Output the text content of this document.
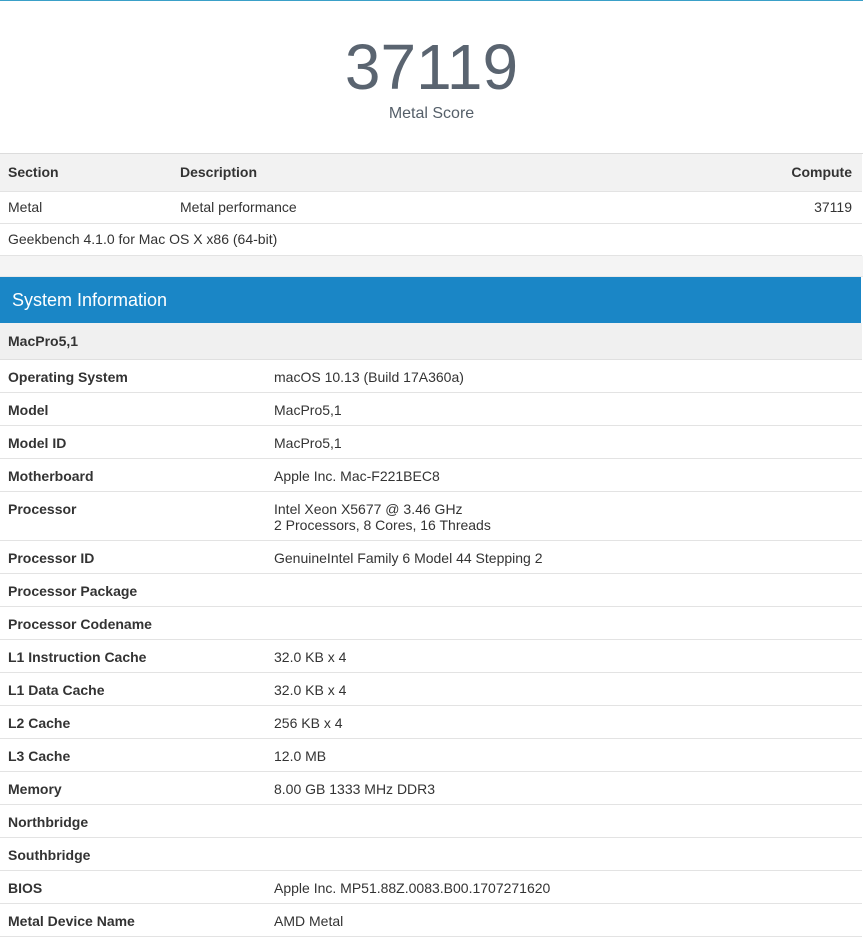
37119
Metal Score
Section	Description	Compute
Metal	Metal performance	37119
Geekbench 4.1.0 for Mac OS X x86 (64-bit)		
System Information
MacPro5,1	
Operating System	macOS 10.13 (Build 17A360a)
Model	MacPro5,1
Model ID	MacPro5,1
Motherboard	Apple Inc. Mac-F221BEC8
Processor	Intel Xeon X5677 @ 3.46 GHz
2 Processors, 8 Cores, 16 Threads

Processor ID	GenuineIntel Family 6 Model 44 Stepping 2
Processor Package	
Processor Codename	
L1 Instruction Cache	32.0 KB x 4
L1 Data Cache	32.0 KB x 4
L2 Cache	256 KB x 4
L3 Cache	12.0 MB
Memory	8.00 GB 1333 MHz DDR3
Northbridge	
Southbridge	
BIOS	Apple Inc. MP51.88Z.0083.B00.1707271620
Metal Device Name	AMD Metal
